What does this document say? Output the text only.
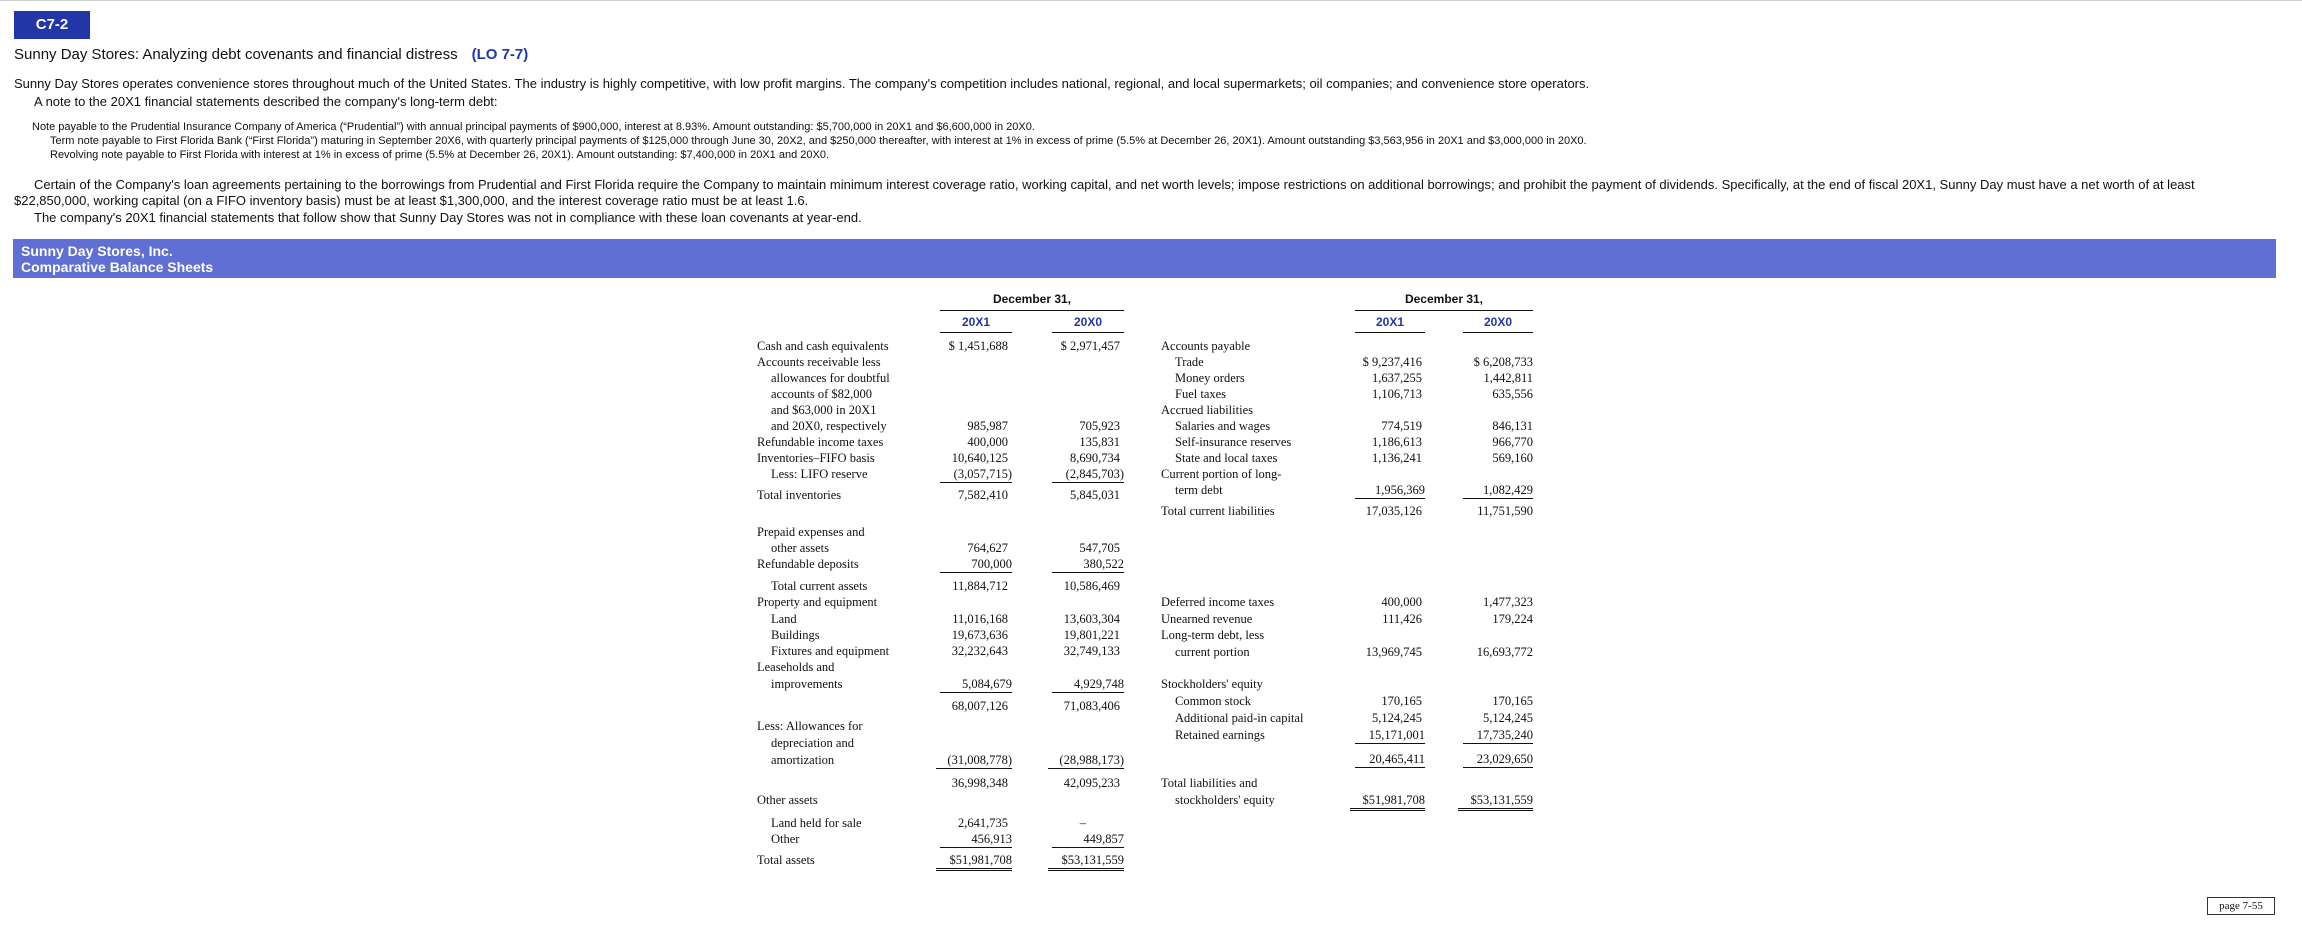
C7-2
Sunny Day Stores: Analyzing debt covenants and financial distress (LO 7-7)
Sunny Day Stores operates convenience stores throughout much of the United States. The industry is highly competitive, with low profit margins. The company's competition includes national, regional, and local supermarkets; oil companies; and convenience store operators.
A note to the 20X1 financial statements described the company's long-term debt:
Note payable to the Prudential Insurance Company of America (“Prudential”) with annual principal payments of $900,000, interest at 8.93%. Amount outstanding: $5,700,000 in 20X1 and $6,600,000 in 20X0.
Term note payable to First Florida Bank (“First Florida”) maturing in September 20X6, with quarterly principal payments of $125,000 through June 30, 20X2, and $250,000 thereafter, with interest at 1% in excess of prime (5.5% at December 26, 20X1). Amount outstanding $3,563,956 in 20X1 and $3,000,000 in 20X0.
Revolving note payable to First Florida with interest at 1% in excess of prime (5.5% at December 26, 20X1). Amount outstanding: $7,400,000 in 20X1 and 20X0.
Certain of the Company's loan agreements pertaining to the borrowings from Prudential and First Florida require the Company to maintain minimum interest coverage ratio, working capital, and net worth levels; impose restrictions on additional borrowings; and prohibit the payment of dividends. Specifically, at the end of fiscal 20X1, Sunny Day must have a net worth of at least
$22,850,000, working capital (on a FIFO inventory basis) must be at least $1,300,000, and the interest coverage ratio must be at least 1.6.
The company's 20X1 financial statements that follow show that Sunny Day Stores was not in compliance with these loan covenants at year-end.
Sunny Day Stores, Inc.
Comparative Balance Sheets
December 31,
20X1	20X0
December 31,
20X1	20X0
Cash and cash equivalents	$ 1,451,688	$ 2,971,457
Accounts receivable less
allowances for doubtful
accounts of $82,000
and $63,000 in 20X1
and 20X0, respectively	985,987	705,923
Refundable income taxes	400,000	135,831
Inventories–FIFO basis	10,640,125	8,690,734
Less: LIFO reserve	(3,057,715)	(2,845,703)
Total inventories	7,582,410	5,845,031
Prepaid expenses and
other assets	764,627	547,705
Refundable deposits	700,000	380,522
Total current assets	11,884,712	10,586,469
Property and equipment
Land	11,016,168	13,603,304
Buildings	19,673,636	19,801,221
Fixtures and equipment	32,232,643	32,749,133
Leaseholds and
improvements	5,084,679	4,929,748
68,007,126	71,083,406
Less: Allowances for
depreciation and
amortization	(31,008,778)	(28,988,173)
36,998,348	42,095,233
Other assets
Land held for sale	2,641,735	–
Other	456,913	449,857
Total assets	$51,981,708	$53,131,559
Accounts payable
Trade	$ 9,237,416	$ 6,208,733
Money orders	1,637,255	1,442,811
Fuel taxes	1,106,713	635,556
Accrued liabilities
Salaries and wages	774,519	846,131
Self-insurance reserves	1,186,613	966,770
State and local taxes	1,136,241	569,160
Current portion of long-
term debt	1,956,369	1,082,429
Total current liabilities	17,035,126	11,751,590
Deferred income taxes	400,000	1,477,323
Unearned revenue	111,426	179,224
Long-term debt, less
current portion	13,969,745	16,693,772
Stockholders' equity
Common stock	170,165	170,165
Additional paid-in capital	5,124,245	5,124,245
Retained earnings	15,171,001	17,735,240
20,465,411	23,029,650
Total liabilities and
stockholders' equity	$51,981,708	$53,131,559
page 7-55
